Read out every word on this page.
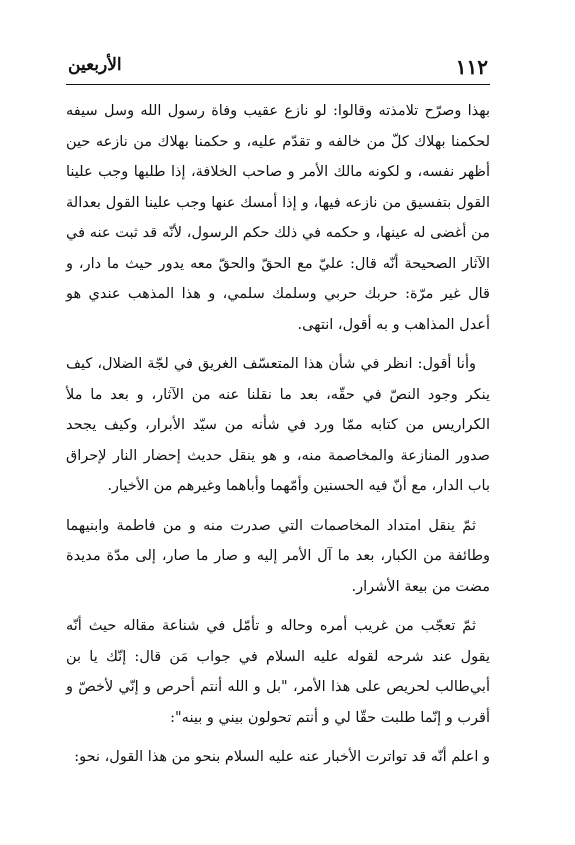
١١٢
الأربعين

بهذا وصرّح تلامذته وقالوا: لو نازع عقيب وفاة رسول الله وسل سيفه لحكمنا بهلاك كلّ من خالفه و تقدّم عليه، و حكمنا بهلاك من نازعه حين أظهر نفسه، و لكونه مالك الأمر و صاحب الخلافة، إذا طلبها وجب علينا القول بتفسيق من نازعه فيها، و إذا أمسك عنها وجب علينا القول بعدالة من أغضى له عينها، و حكمه في ذلك حكم الرسول، لأنّه قد ثبت عنه في الآثار الصحيحة أنّه قال: عليّ مع الحقّ والحقّ معه يدور حيث ما دار، و قال غير مرّة: حربك حربي وسلمك سلمي، و هذا المذهب عندي هو أعدل المذاهب و به أقول، انتهى.

وأنا أقول: انظر في شأن هذا المتعسّف الغريق في لجّة الضلال، كيف ينكر وجود النصّ في حقّه، بعد ما نقلنا عنه من الآثار، و بعد ما ملأ الكراريس من كتابه ممّا ورد في شأنه من سيّد الأبرار، وكيف يجحد صدور المنازعة والمخاصمة منه، و هو ينقل حديث إحضار النار لإحراق باب الدار، مع أنّ فيه الحسنين وأمّهما وأباهما وغيرهم من الأخيار.

ثمّ ينقل امتداد المخاصمات التي صدرت منه و من فاطمة وابنيهما وطائفة من الكبار، بعد ما آل الأمر إليه و صار ما صار، إلى مدّة مديدة مضت من بيعة الأشرار.

ثمّ تعجّب من غريب أمره وحاله و تأمّل في شناعة مقاله حيث أنّه يقول عند شرحه لقوله عليه السلام في جواب مَن قال: إنّك يا بن أبي‌طالب لحريص على هذا الأمر، "بل و الله أنتم أحرص و إنّي لأخصّ و أقرب و إنّما طلبت حقّا لي و أنتم تحولون بيني و بينه":

و اعلم أنّه قد تواترت الأخبار عنه عليه السلام بنحو من هذا القول، نحو:
